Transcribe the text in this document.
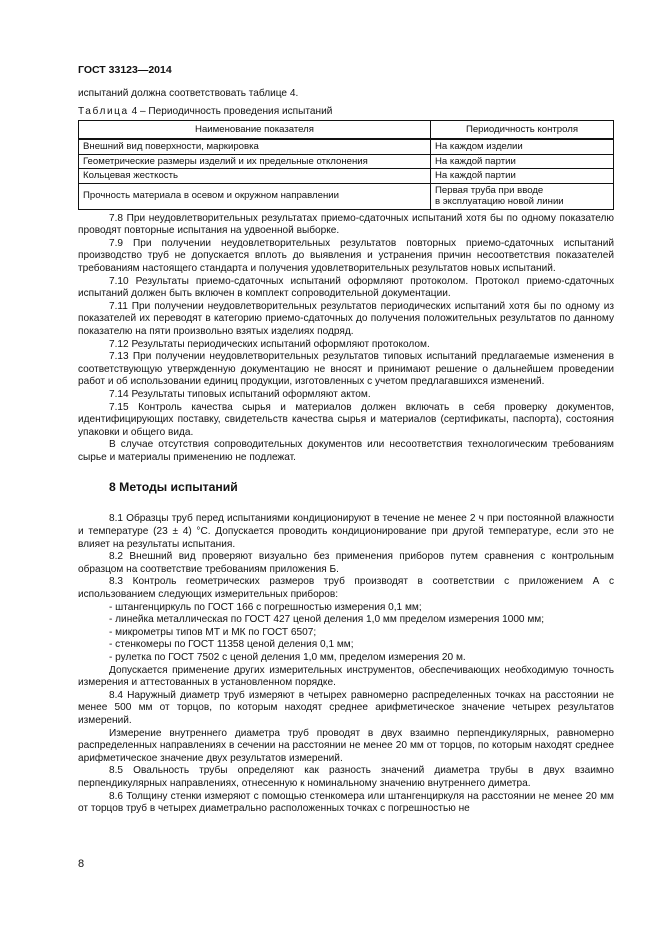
ГОСТ 33123—2014

испытаний должна соответствовать таблице 4.

Таблица 4 – Периодичность проведения испытаний

Наименование показателя	Периодичность контроля
Внешний вид поверхности, маркировка	На каждом изделии
Геометрические размеры изделий и их предельные отклонения	На каждой партии
Кольцевая жесткость	На каждой партии
Прочность материала в осевом и окружном направлении	Первая труба при вводе
в эксплуатацию новой линии

7.8 При неудовлетворительных результатах приемо-сдаточных испытаний хотя бы по одному показателю проводят повторные испытания на удвоенной выборке.

7.9 При получении неудовлетворительных результатов повторных приемо-сдаточных испытаний производство труб не допускается вплоть до выявления и устранения причин несоответствия показателей требованиям настоящего стандарта и получения удовлетворительных результатов новых испытаний.

7.10 Результаты приемо-сдаточных испытаний оформляют протоколом. Протокол приемо-сдаточных испытаний должен быть включен в комплект сопроводительной документации.

7.11 При получении неудовлетворительных результатов периодических испытаний хотя бы по одному из показателей их переводят в категорию приемо-сдаточных до получения положительных результатов по данному показателю на пяти произвольно взятых изделиях подряд.

7.12 Результаты периодических испытаний оформляют протоколом.

7.13 При получении неудовлетворительных результатов типовых испытаний предлагаемые изменения в соответствующую утвержденную документацию не вносят и принимают решение о дальнейшем проведении работ и об использовании единиц продукции, изготовленных с учетом предлагавшихся изменений.

7.14 Результаты типовых испытаний оформляют актом.

7.15 Контроль качества сырья и материалов должен включать в себя проверку документов, идентифицирующих поставку, свидетельств качества сырья и материалов (сертификаты, паспорта), состояния упаковки и общего вида.

В случае отсутствия сопроводительных документов или несоответствия технологическим требованиям сырье и материалы применению не подлежат.

8 Методы испытаний

8.1 Образцы труб перед испытаниями кондиционируют в течение не менее 2 ч при постоянной влажности и температуре (23 ± 4) °С. Допускается проводить кондиционирование при другой температуре, если это не влияет на результаты испытания.

8.2 Внешний вид проверяют визуально без применения приборов путем сравнения с контрольным образцом на соответствие требованиям приложения Б.

8.3 Контроль геометрических размеров труб производят в соответствии с приложением А с использованием следующих измерительных приборов:

- штангенциркуль по ГОСТ 166 с погрешностью измерения 0,1 мм;

- линейка металлическая по ГОСТ 427 ценой деления 1,0 мм пределом измерения 1000 мм;

- микрометры типов МТ и МК по ГОСТ 6507;

- стенкомеры по ГОСТ 11358 ценой деления 0,1 мм;

- рулетка по ГОСТ 7502 с ценой деления 1,0 мм, пределом измерения 20 м.

Допускается применение других измерительных инструментов, обеспечивающих необходимую точность измерения и аттестованных в установленном порядке.

8.4 Наружный диаметр труб измеряют в четырех равномерно распределенных точках на расстоянии не менее 500 мм от торцов, по которым находят среднее арифметическое значение четырех результатов измерений.

Измерение внутреннего диаметра труб проводят в двух взаимно перпендикулярных, равномерно распределенных направлениях в сечении на расстоянии не менее 20 мм от торцов, по которым находят среднее арифметическое значение двух результатов измерений.

8.5 Овальность трубы определяют как разность значений диаметра трубы в двух взаимно перпендикулярных направлениях, отнесенную к номинальному значению внутреннего диметра.

8.6 Толщину стенки измеряют с помощью стенкомера или штангенциркуля на расстоянии не менее 20 мм от торцов труб в четырех диаметрально расположенных точках с погрешностью не

8
